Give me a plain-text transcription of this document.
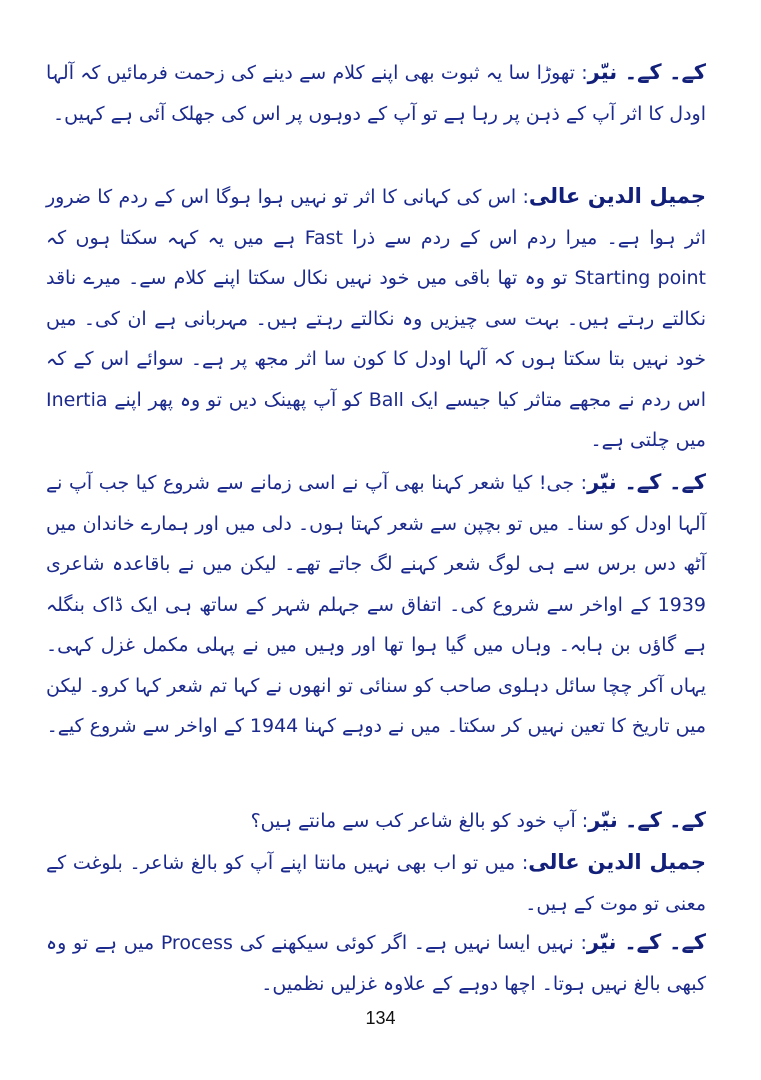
کے۔ کے۔ نیّر: تھوڑا سا یہ ثبوت بھی اپنے کلام سے دینے کی زحمت فرمائیں کہ آلہا اودل کا اثر آپ کے ذہن پر رہا ہے تو آپ کے دوہوں پر اس کی جھلک آئی ہے کہیں۔
جمیل الدین عالی: اس کی کہانی کا اثر تو نہیں ہوا ہوگا اس کے ردم کا ضرور اثر ہوا ہے۔ میرا ردم اس کے ردم سے ذرا Fast ہے میں یہ کہہ سکتا ہوں کہ Starting point تو وہ تھا باقی میں خود نہیں نکال سکتا اپنے کلام سے۔ میرے ناقد نکالتے رہتے ہیں۔ بہت سی چیزیں وہ نکالتے رہتے ہیں۔ مہربانی ہے ان کی۔ میں خود نہیں بتا سکتا ہوں کہ آلہا اودل کا کون سا اثر مجھ پر ہے۔ سوائے اس کے کہ اس ردم نے مجھے متاثر کیا جیسے ایک Ball کو آپ پھینک دیں تو وہ پھر اپنے Inertia میں چلتی ہے۔
کے۔ کے۔ نیّر: جی! کیا شعر کہنا بھی آپ نے اسی زمانے سے شروع کیا جب آپ نے آلہا اودل کو سنا۔ میں تو بچپن سے شعر کہتا ہوں۔ دلی میں اور ہمارے خاندان میں آٹھ دس برس سے ہی لوگ شعر کہنے لگ جاتے تھے۔ لیکن میں نے باقاعدہ شاعری 1939 کے اواخر سے شروع کی۔ اتفاق سے جہلم شہر کے ساتھ ہی ایک ڈاک بنگلہ ہے گاؤں بن ہابہ۔ وہاں میں گیا ہوا تھا اور وہیں میں نے پہلی مکمل غزل کہی۔ یہاں آکر چچا سائل دہلوی صاحب کو سنائی تو انھوں نے کہا تم شعر کہا کرو۔ لیکن میں تاریخ کا تعین نہیں کر سکتا۔ میں نے دوہے کہنا 1944 کے اواخر سے شروع کیے۔
کے۔ کے۔ نیّر: آپ خود کو بالغ شاعر کب سے مانتے ہیں؟
جمیل الدین عالی: میں تو اب بھی نہیں مانتا اپنے آپ کو بالغ شاعر۔ بلوغت کے معنی تو موت کے ہیں۔
کے۔ کے۔ نیّر: نہیں ایسا نہیں ہے۔ اگر کوئی سیکھنے کی Process میں ہے تو وہ کبھی بالغ نہیں ہوتا۔ اچھا دوہے کے علاوہ غزلیں نظمیں۔
134
